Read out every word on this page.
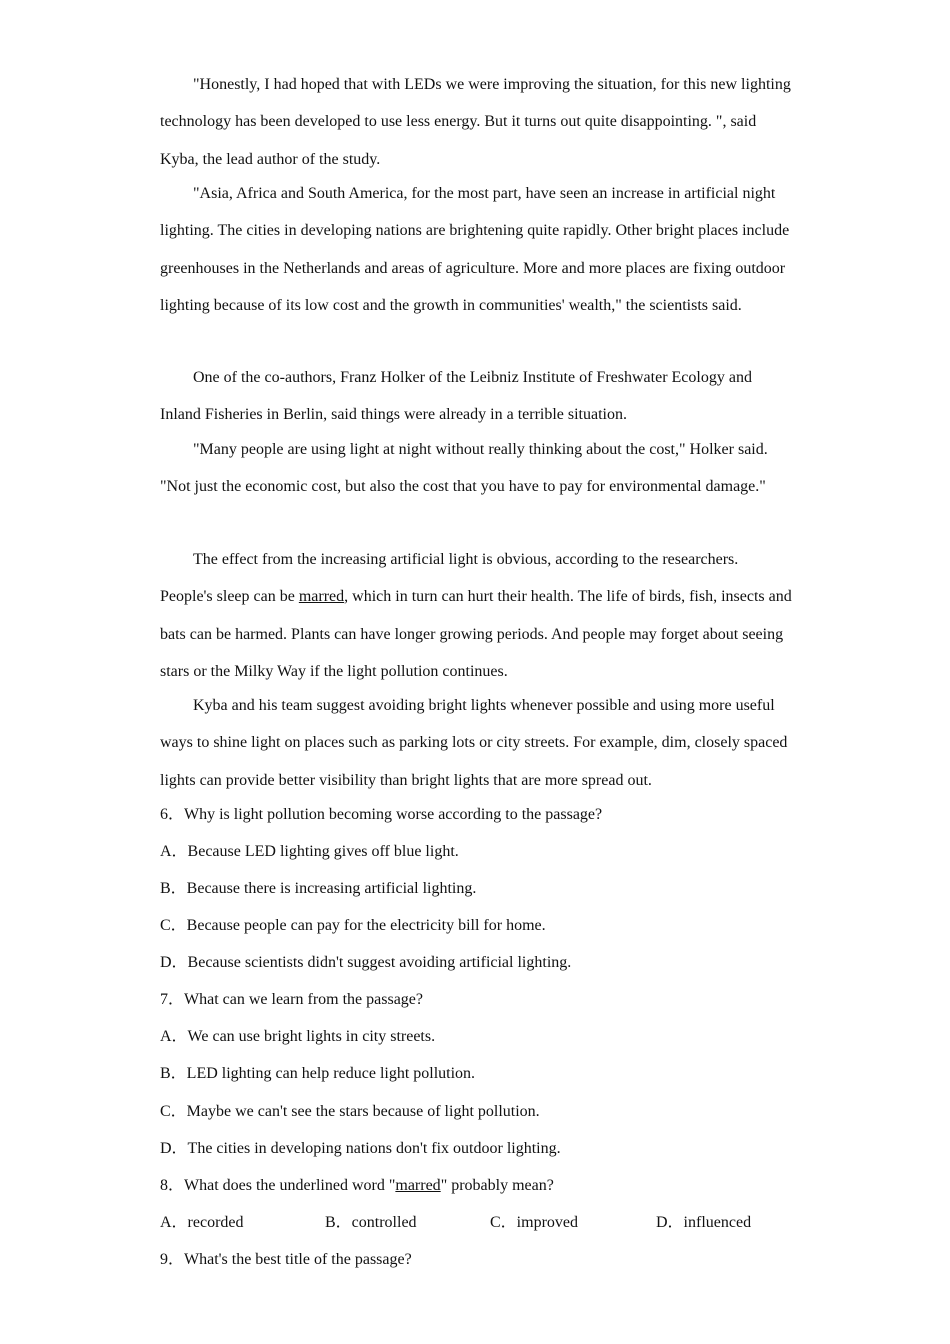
"Honestly, I had hoped that with LEDs we were improving the situation, for this new lighting technology has been developed to use less energy. But it turns out quite disappointing. ", said Kyba, the lead author of the study.

"Asia, Africa and South America, for the most part, have seen an increase in artificial night lighting. The cities in developing nations are brightening quite rapidly. Other bright places include greenhouses in the Netherlands and areas of agriculture. More and more places are fixing outdoor lighting because of its low cost and the growth in communities' wealth," the scientists said.

One of the co-authors, Franz Holker of the Leibniz Institute of Freshwater Ecology and Inland Fisheries in Berlin, said things were already in a terrible situation.

"Many people are using light at night without really thinking about the cost," Holker said. "Not just the economic cost, but also the cost that you have to pay for environmental damage."

The effect from the increasing artificial light is obvious, according to the researchers. People's sleep can be marred, which in turn can hurt their health. The life of birds, fish, insects and bats can be harmed. Plants can have longer growing periods. And people may forget about seeing stars or the Milky Way if the light pollution continues.

Kyba and his team suggest avoiding bright lights whenever possible and using more useful ways to shine light on places such as parking lots or city streets. For example, dim, closely spaced lights can provide better visibility than bright lights that are more spread out.

6．Why is light pollution becoming worse according to the passage?
A．Because LED lighting gives off blue light.
B．Because there is increasing artificial lighting.
C．Because people can pay for the electricity bill for home.
D．Because scientists didn't suggest avoiding artificial lighting.
7．What can we learn from the passage?
A．We can use bright lights in city streets.
B．LED lighting can help reduce light pollution.
C．Maybe we can't see the stars because of light pollution.
D．The cities in developing nations don't fix outdoor lighting.
8．What does the underlined word "marred" probably mean?
A．recorded	B．controlled	C．improved	D．influenced
9．What's the best title of the passage?
